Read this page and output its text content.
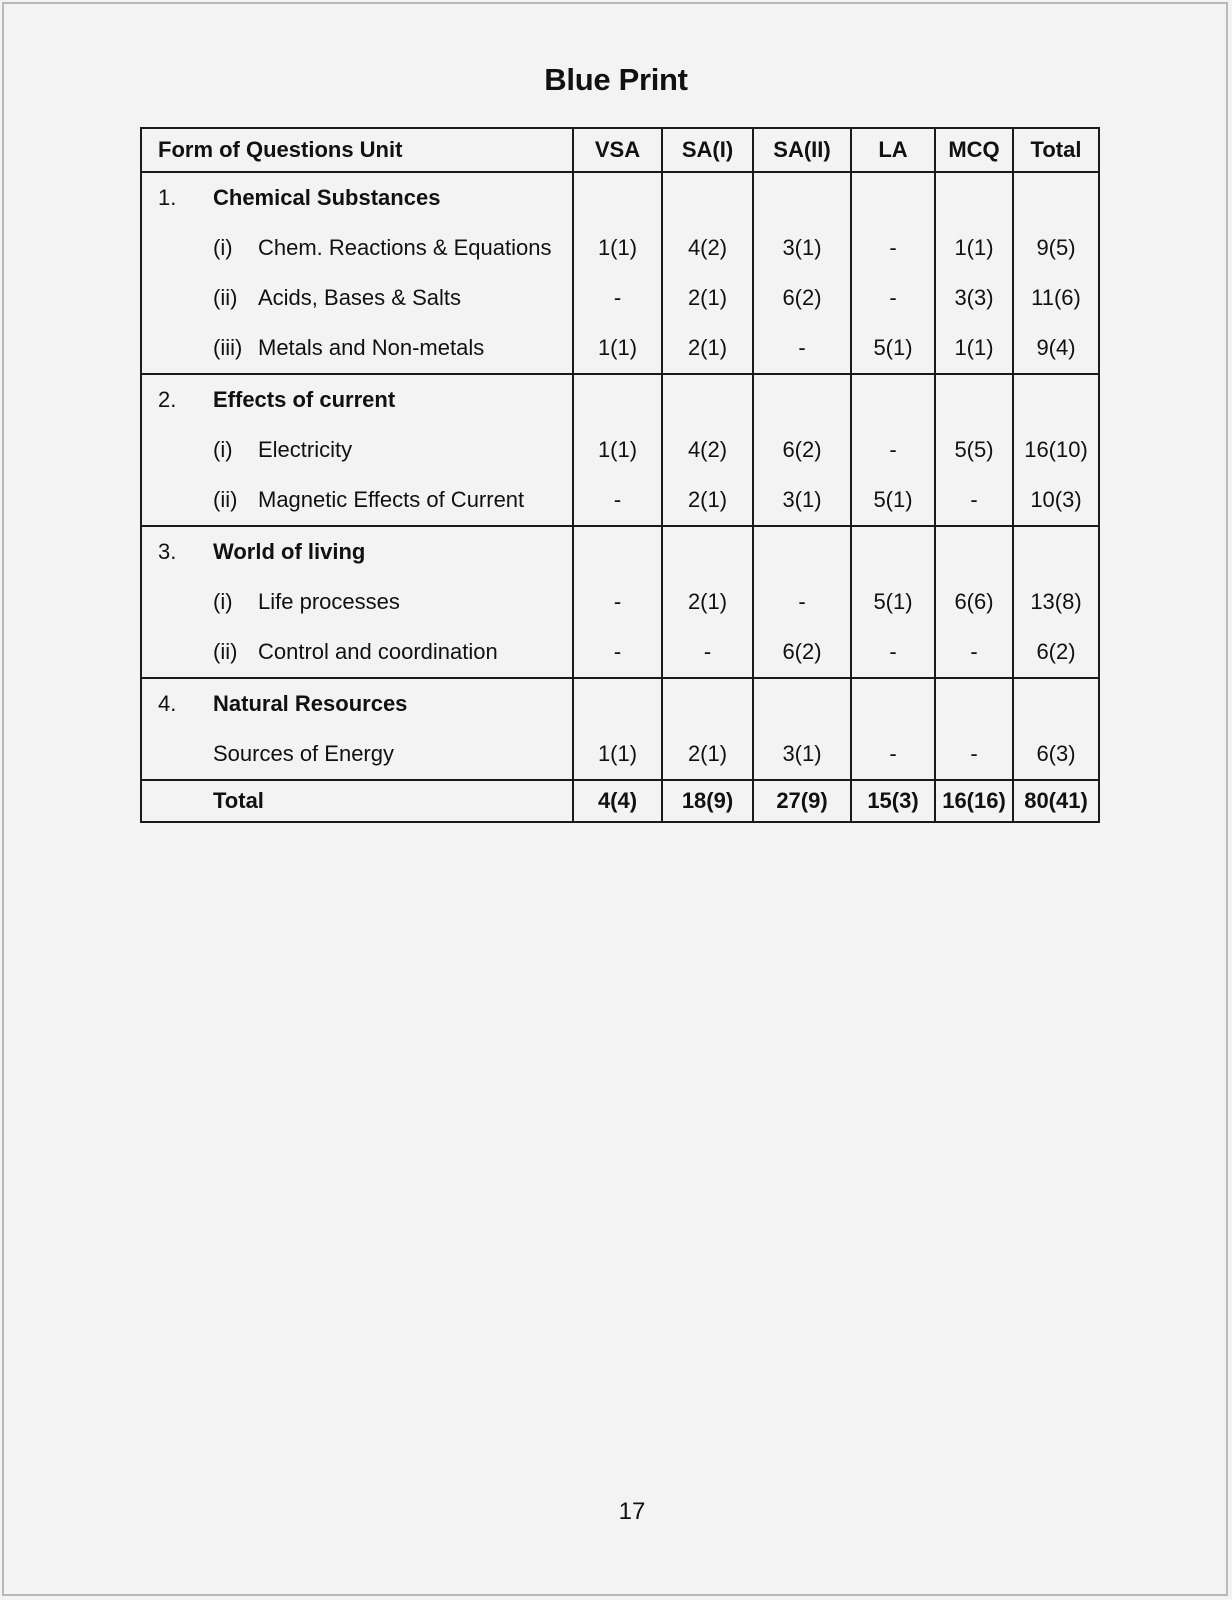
Blue Print
Form of Questions Unit	VSA	SA(I)	SA(II)	LA	MCQ	Total

1. Chemical Substances						

(i) Chem. Reactions & Equations	1(1)	4(2)	3(1)	-	1(1)	9(5)

(ii) Acids, Bases & Salts	-	2(1)	6(2)	-	3(3)	11(6)

(iii) Metals and Non-metals	1(1)	2(1)	-	5(1)	1(1)	9(4)

2. Effects of current						

(i) Electricity	1(1)	4(2)	6(2)	-	5(5)	16(10)

(ii) Magnetic Effects of Current	-	2(1)	3(1)	5(1)	-	10(3)

3. World of living						

(i) Life processes	-	2(1)	-	5(1)	6(6)	13(8)

(ii) Control and coordination	-	-	6(2)	-	-	6(2)

4. Natural Resources						

Sources of Energy	1(1)	2(1)	3(1)	-	-	6(3)

Total	4(4)	18(9)	27(9)	15(3)	16(16)	80(41)
17
